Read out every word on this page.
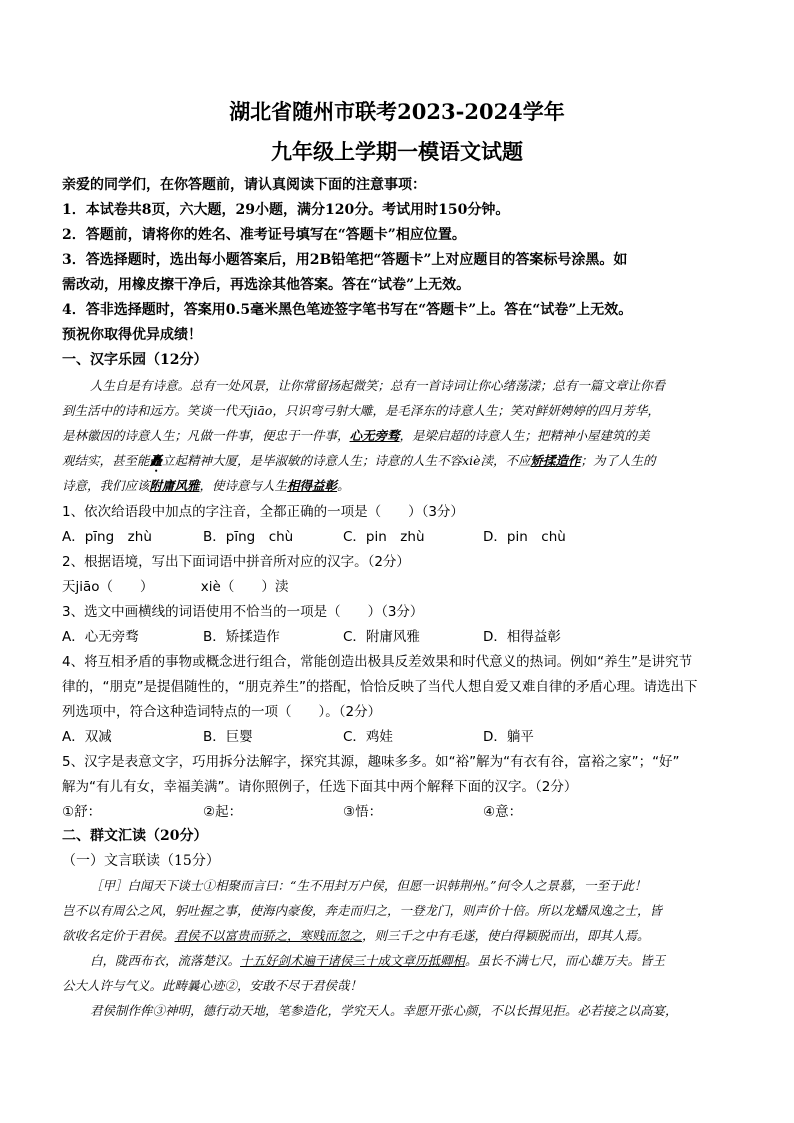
湖北省随州市联考2023-2024学年
九年级上学期一模语文试题
亲爱的同学们，在你答题前，请认真阅读下面的注意事项：
1．本试卷共8页，六大题，29小题，满分120分。考试用时150分钟。
2．答题前，请将你的姓名、准考证号填写在“答题卡”相应位置。
3．答选择题时，选出每小题答案后，用2B铅笔把“答题卡”上对应题目的答案标号涂黑。如
需改动，用橡皮擦干净后，再选涂其他答案。答在“试卷”上无效。
4．答非选择题时，答案用0.5毫米黑色笔迹签字笔书写在“答题卡”上。答在“试卷”上无效。
预祝你取得优异成绩！
一、汉字乐园（12分）
人生自是有诗意。总有一处风景，让你常留扬起微笑；总有一首诗词让你心绪荡漾；总有一篇文章让你看
到生活中的诗和远方。笑谈一代天jiāo，只识弯弓射大雕，是毛泽东的诗意人生；笑对鲜妍娉婷的四月芳华，
是林徽因的诗意人生；凡做一件事，便忠于一件事，心无旁骛，是梁启超的诗意人生；把精神小屋建筑的美
观结实，甚至能矗立起精神大厦，是毕淑敏的诗意人生；诗意的人生不容xiè渎，不应矫揉造作；为了人生的
诗意，我们应该附庸风雅，使诗意与人生相得益彰。
1、依次给语段中加点的字注音，全都正确的一项是（　　）（3分）
A．pīng　zhù	B．pīng　chù	C．pin　zhù	D．pin　chù
2、根据语境，写出下面词语中拼音所对应的汉字。（2分）
天jiāo（　　）　　　　xiè（　　）渎
3、选文中画横线的词语使用不恰当的一项是（　　）（3分）
A．心无旁骛	B．矫揉造作	C．附庸风雅	D．相得益彰
4、将互相矛盾的事物或概念进行组合，常能创造出极具反差效果和时代意义的热词。例如“养生”是讲究节
律的，“朋克”是提倡随性的，“朋克养生”的搭配，恰恰反映了当代人想自爱又难自律的矛盾心理。请选出下
列选项中，符合这种造词特点的一项（　　）。（2分）
A．双减	B．巨婴	C．鸡娃	D．躺平
5、汉字是表意文字，巧用拆分法解字，探究其源，趣味多多。如“裕”解为“有衣有谷，富裕之家”；“好”
解为“有儿有女，幸福美满”。请你照例子，任选下面其中两个解释下面的汉字。（2分）
①舒：	②起：	③悟：	④意：
二、群文汇读（20分）
（一）文言联读（15分）
［甲］白闻天下谈士①相聚而言曰：“生不用封万户侯，但愿一识韩荆州。”何令人之景慕，一至于此！
岂不以有周公之风，躬吐握之事，使海内豪俊，奔走而归之，一登龙门，则声价十倍。所以龙蟠凤逸之士，皆
欲收名定价于君侯。君侯不以富贵而骄之，寒贱而忽之，则三千之中有毛遂，使白得颖脱而出，即其人焉。
白，陇西布衣，流落楚汉。十五好剑术遍干诸侯三十成文章历抵卿相。虽长不满七尺，而心雄万夫。皆王
公大人许与气义。此畴曩心迹②，安敢不尽于君侯哉！
君侯制作侔③神明，德行动天地，笔参造化，学究天人。幸愿开张心颜，不以长揖见拒。必若接之以高宴，
